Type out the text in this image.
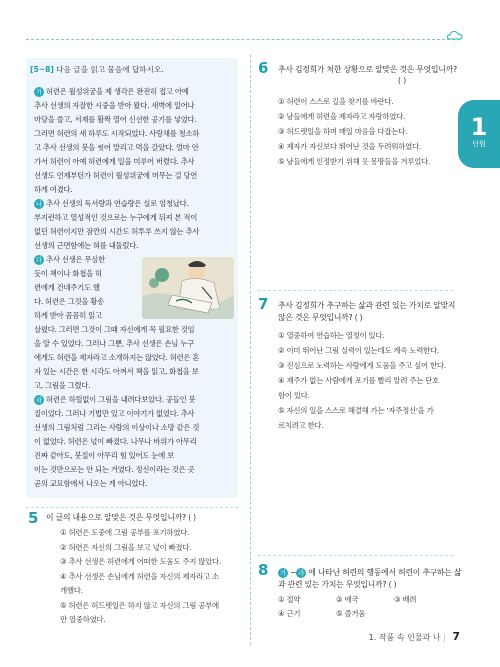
[5~8] 다음 글을 읽고 물음에 답하시오.
가 허련은 월성위궁을 제 생각은 완전히 접고 아예
추사 선생의 자잘한 시중을 받아 왔다. 새벽에 일어나
마당을 쓸고, 서재를 활짝 열어 신선한 공기를 넣었다.
그러면 허련의 새 하루도 시작되었다. 사랑채를 청소하
고 추사 선생의 붓을 씻어 말리고 먹을 갈았다. 얼마 안
가서 허련이 아예 허련에게 일을 미루어 버렸다. 추사
선생도 언제부턴가 허련이 월성위궁에 머무는 걸 당연
하게 여겼다.
나 추사 선생의 독서량과 연습량은 실로 엄청났다.
부지런하고 열성적인 것으로는 누구에게 뒤져 본 적이
없던 허련이지만 잠깐의 시간도 허투루 쓰지 않는 추사
선생의 근면함에는 혀를 내둘렀다.
다 추사 선생은 무심한
듯이 책이나 화첩을 허
련에게 건네주기도 했
다. 허련은 그것을 황송
하게 받아 꼼꼼히 읽고
살폈다. 그러면 그것이 그때 자신에게 꼭 필요한 것임
을 알 수 있었다. 그러나 그뿐, 추사 선생은 손님 누구
에게도 허련을 제자라고 소개하지는 않았다. 허련은 혼
자 있는 시간은 한 시각도 아껴서 책을 읽고, 화첩을 보
고, 그림을 그렸다.
라 허련은 하릴없이 그림을 내려다보았다. 공들인 붓
질이었다. 그러나 기법만 있고 이야기가 없었다. 추사
선생의 그림처럼 그리는 사람의 이상이나 소망 같은 것
이 없었다. 허련은 넋이 빠졌다. 나무나 바위가 아무리
진짜 같아도, 붓질이 아무리 힘 있어도 눈에 보
이는 것만으로는 안 되는 거였다. 정신이라는 것은 곳
곧의 교묘함에서 나오는 게 아니었다.
5 이 글의 내용으로 알맞은 것은 무엇입니까? ( )
① 허련은 도중에 그림 공부를 포기하였다.
② 허련은 자신의 그림을 보고 넋이 빠졌다.
③ 추사 선생은 허련에게 어떠한 도움도 주지 않았다.
④ 추사 선생은 손님에게 허련을 자신의 제자라고 소
개했다.
⑤ 허련은 허드렛일은 하지 않고 자신의 그림 공부에
만 열중하였다.
6 추사 김정희가 처한 상황으로 알맞은 것은 무엇입니까?
( )
① 허련이 스스로 길을 찾기를 바란다.
② 남들에게 허련을 제자라고 자랑하였다.
③ 허드렛일을 하며 매일 마음을 다잡는다.
④ 제자가 자신보다 뛰어난 것을 두려워하였다.
⑤ 남들에게 인정받기 위해 옷 몽땅들을 겨루었다.
7 추사 김정희가 추구하는 삶과 관련 있는 가치로 알맞지
않은 것은 무엇입니까? ( )
① 열중하여 연습하는 열정이 있다.
② 이미 뛰어난 그림 실력이 있는데도 계속 노력한다.
③ 진심으로 노력하는 사람에게 도움을 주고 싶어 한다.
④ 재주가 없는 사람에게 포기를 빨리 알려 주는 단호
함이 있다.
⑤ 자신의 일을 스스로 해결해 가는 '자주정신'을 가
르치려고 한다.
8	가 ~ 라 에 나타난 허련의 행동에서 허련이 추구하는 삶
과 관련 있는 가치는 무엇입니까? ( )
① 절약	② 애국	③ 배려
④ 근기	⑤ 즐거움
1
단원
1. 작품 속 인물과 나 | 7
